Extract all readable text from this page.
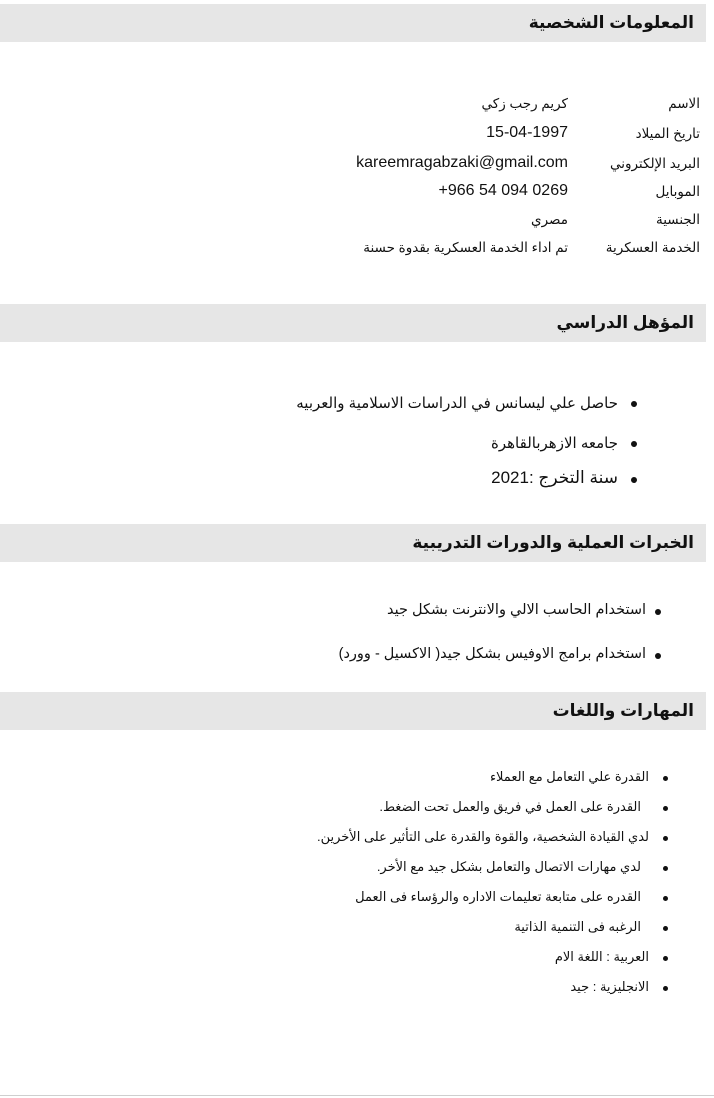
المعلومات الشخصية
الاسم
كريم رجب زكي
تاريخ الميلاد
15-04-1997
البريد الإلكتروني
kareemragabzaki@gmail.com
الموبايل
+966 54 094 0269
الجنسية
مصري
الخدمة العسكرية
تم اداء الخدمة العسكرية بقدوة حسنة
المؤهل الدراسي
حاصل علي ليسانس في الدراسات الاسلامية والعربيه
جامعه الازهربالقاهرة
سنة التخرج :2021
الخبرات العملية والدورات التدريبية
استخدام الحاسب الالي والانترنت بشكل جيد
استخدام برامج الاوفيس بشكل جيد( الاكسيل - وورد)
المهارات واللغات
القدرة علي التعامل مع العملاء
القدرة على العمل في فريق والعمل تحت الضغط.
لدي القيادة الشخصية، والقوة والقدرة على التأثير على الأخرين.
لدي مهارات الاتصال والتعامل بشكل جيد مع الأخر.
القدره على متابعة تعليمات الاداره والرؤساء فى العمل
الرغبه فى التنمية الذاتية
العربية : اللغة الام
الانجليزية : جيد
